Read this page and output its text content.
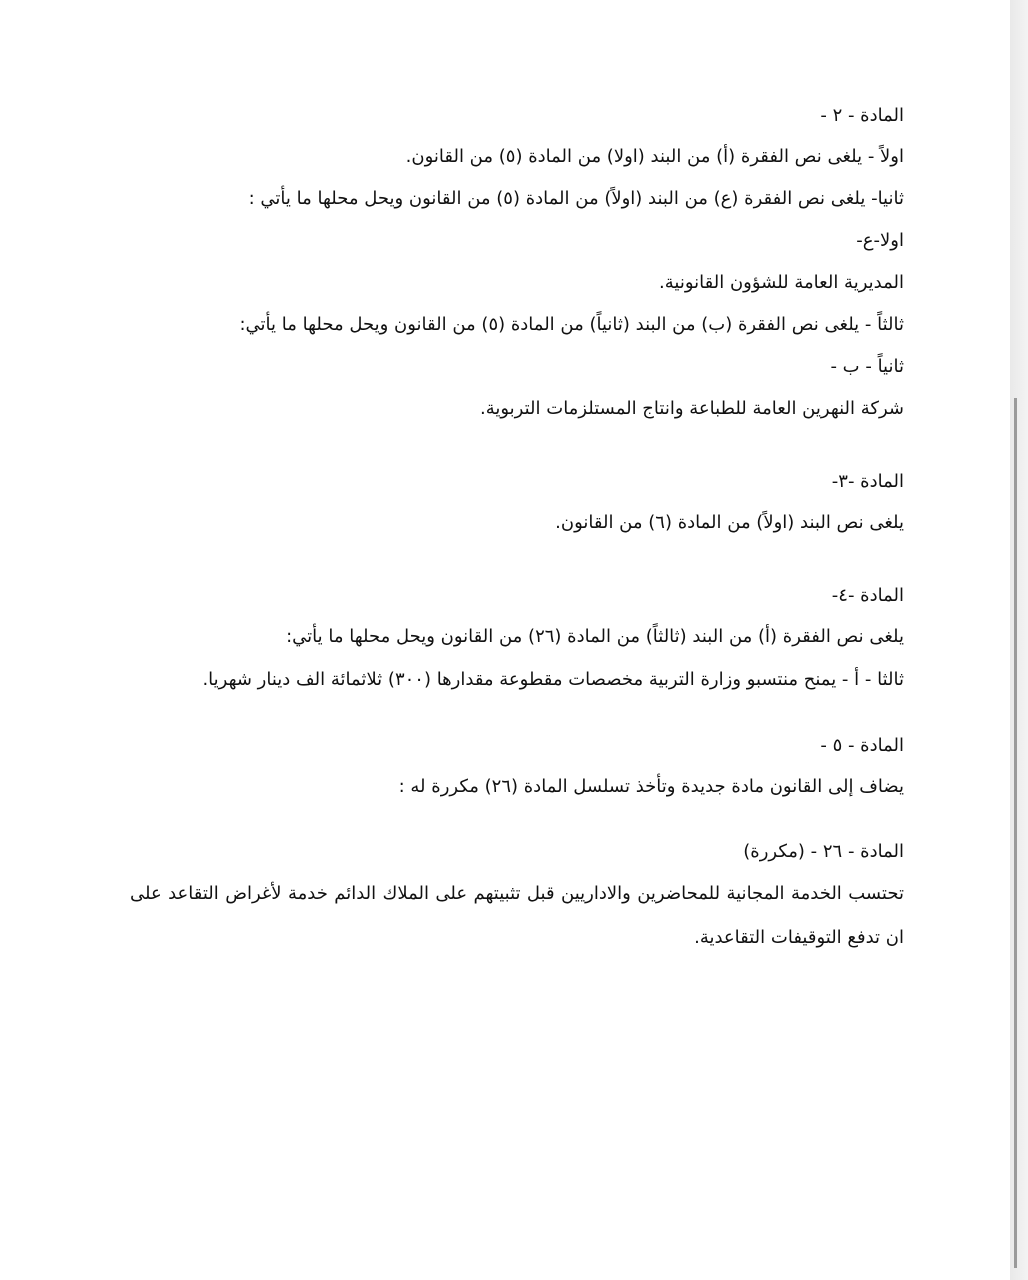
المادة - ٢ -

اولاً - يلغى نص الفقرة (أ) من البند (اولا) من المادة (٥) من القانون.

ثانيا- يلغى نص الفقرة (ع) من البند (اولاً) من المادة (٥) من القانون ويحل محلها ما يأتي :

اولا-ع-

المديرية العامة للشؤون القانونية.

ثالثاً - يلغى نص الفقرة (ب) من البند (ثانياً) من المادة (٥) من القانون ويحل محلها ما يأتي:

ثانياً - ب -

شركة النهرين العامة للطباعة وانتاج المستلزمات التربوية.

المادة -٣-

يلغى نص البند (اولاً) من المادة (٦) من القانون.

المادة -٤-

يلغى نص الفقرة (أ) من البند (ثالثاً) من المادة (٢٦) من القانون ويحل محلها ما يأتي:

ثالثا - أ - يمنح منتسبو وزارة التربية مخصصات مقطوعة مقدارها (٣٠٠) ثلاثمائة الف دينار شهريا.

المادة - ٥ -

يضاف إلى القانون مادة جديدة وتأخذ تسلسل المادة (٢٦) مكررة له :

المادة - ٢٦ - (مكررة)

تحتسب الخدمة المجانية للمحاضرين والاداريين قبل تثبيتهم على الملاك الدائم خدمة لأغراض التقاعد على ان تدفع التوقيفات التقاعدية.
